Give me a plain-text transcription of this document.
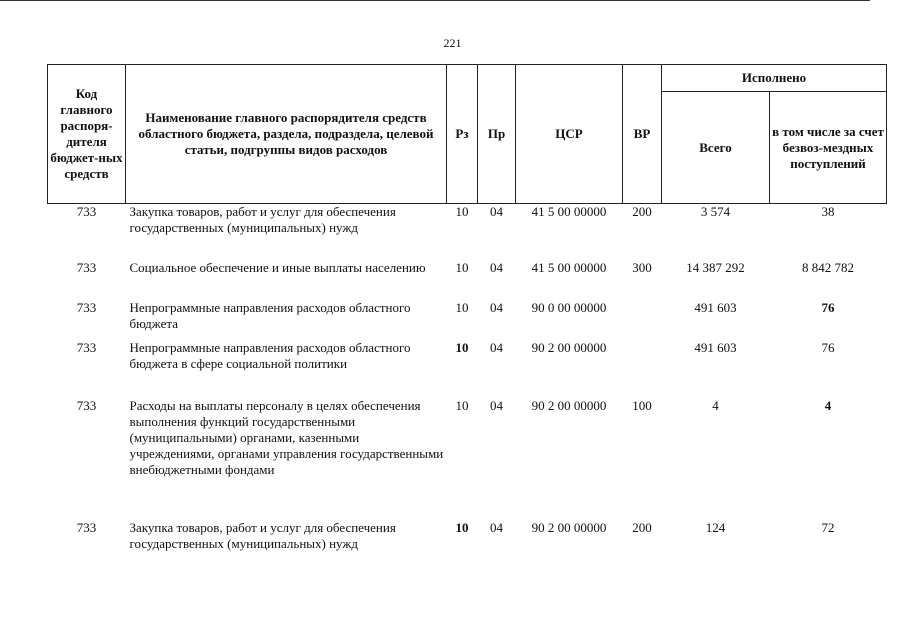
221
Код главного распоря-дителя бюджет-ных средств	Наименование главного распорядителя средств областного бюджета, раздела, подраздела, целевой статьи, подгруппы видов расходов	Рз	Пр	ЦСР	ВР	Исполнено	
						Всего	в том числе за счет безвоз-мездных поступлений
733	Закупка товаров, работ и услуг для обеспечения государственных (муниципальных) нужд	10	04	41 5 00 00000	200	3 574	38
733	Социальное обеспечение и иные выплаты населению	10	04	41 5 00 00000	300	14 387 292	8 842 782
733	Непрограммные направления расходов областного бюджета	10	04	90 0 00 00000		491 603	76
733	Непрограммные направления расходов областного бюджета в сфере социальной политики	10	04	90 2 00 00000		491 603	76
733	Расходы на выплаты персоналу в целях обеспечения выполнения функций государственными (муниципальными) органами, казенными учреждениями, органами управления государственными внебюджетными фондами	10	04	90 2 00 00000	100	4	4
733	Закупка товаров, работ и услуг для обеспечения государственных (муниципальных) нужд	10	04	90 2 00 00000	200	124	72
